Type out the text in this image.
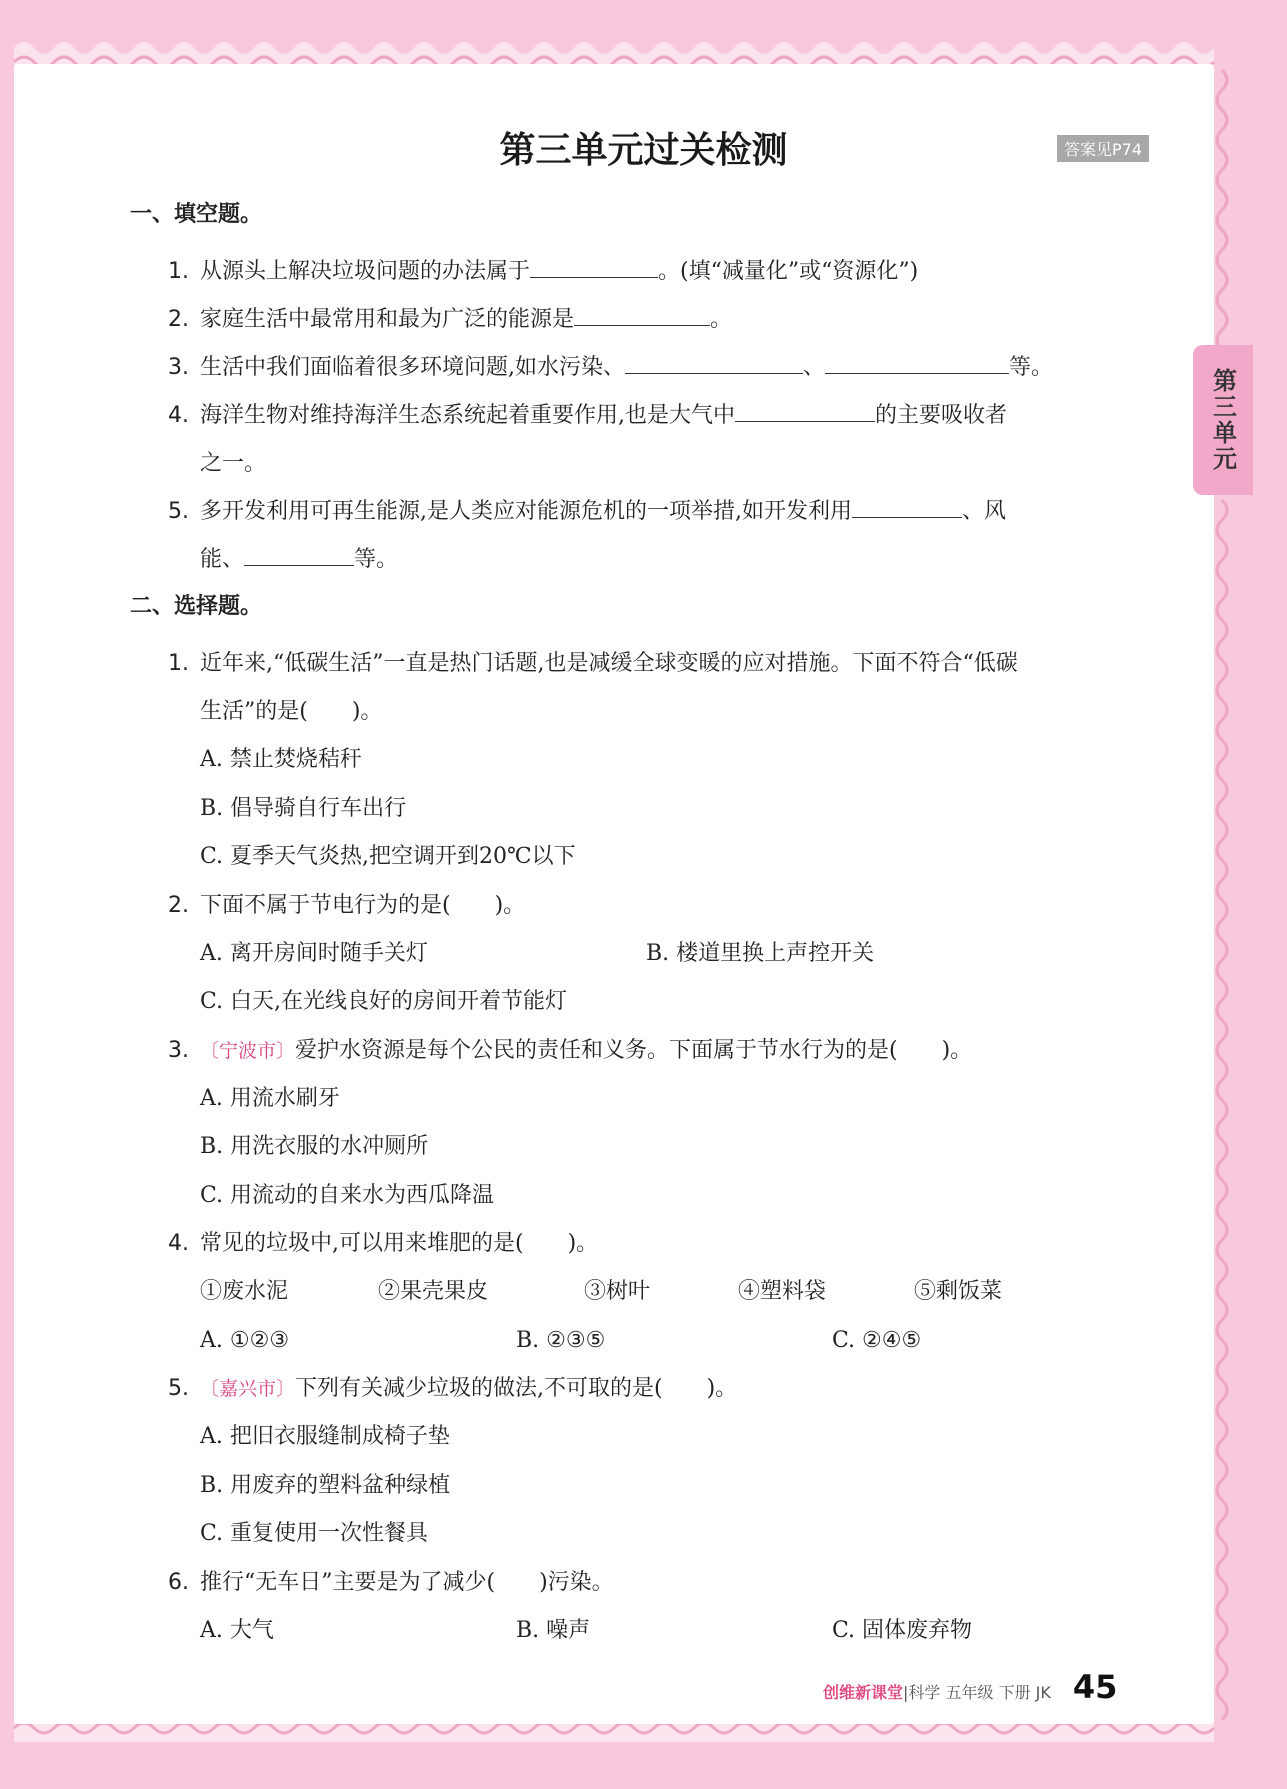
第三单元
第三单元过关检测	答案见P74
一、填空题。
1. 从源头上解决垃圾问题的办法属于	。(填“减量化”或“资源化”)
2. 家庭生活中最常用和最为广泛的能源是	。
3. 生活中我们面临着很多环境问题,如水污染、	、	等。
4. 海洋生物对维持海洋生态系统起着重要作用,也是大气中	的主要吸收者
之一。
5. 多开发利用可再生能源,是人类应对能源危机的一项举措,如开发利用	、风
能、	等。
二、选择题。
1. 近年来,“低碳生活”一直是热门话题,也是减缓全球变暖的应对措施。下面不符合“低碳
生活”的是(　　)。
A. 禁止焚烧秸秆
B. 倡导骑自行车出行
C. 夏季天气炎热,把空调开到20℃以下
2. 下面不属于节电行为的是(　　)。
A. 离开房间时随手关灯	B. 楼道里换上声控开关
C. 白天,在光线良好的房间开着节能灯
3. 〔宁波市〕爱护水资源是每个公民的责任和义务。下面属于节水行为的是(　　)。
A. 用流水刷牙
B. 用洗衣服的水冲厕所
C. 用流动的自来水为西瓜降温
4. 常见的垃圾中,可以用来堆肥的是(　　)。
①废水泥	②果壳果皮	③树叶	④塑料袋	⑤剩饭菜
A. ①②③	B. ②③⑤	C. ②④⑤
5. 〔嘉兴市〕下列有关减少垃圾的做法,不可取的是(　　)。
A. 把旧衣服缝制成椅子垫
B. 用废弃的塑料盆种绿植
C. 重复使用一次性餐具
6. 推行“无车日”主要是为了减少(　　)污染。
A. 大气	B. 噪声	C. 固体废弃物
创维新课堂 |科学 五年级 下册 JK 45
